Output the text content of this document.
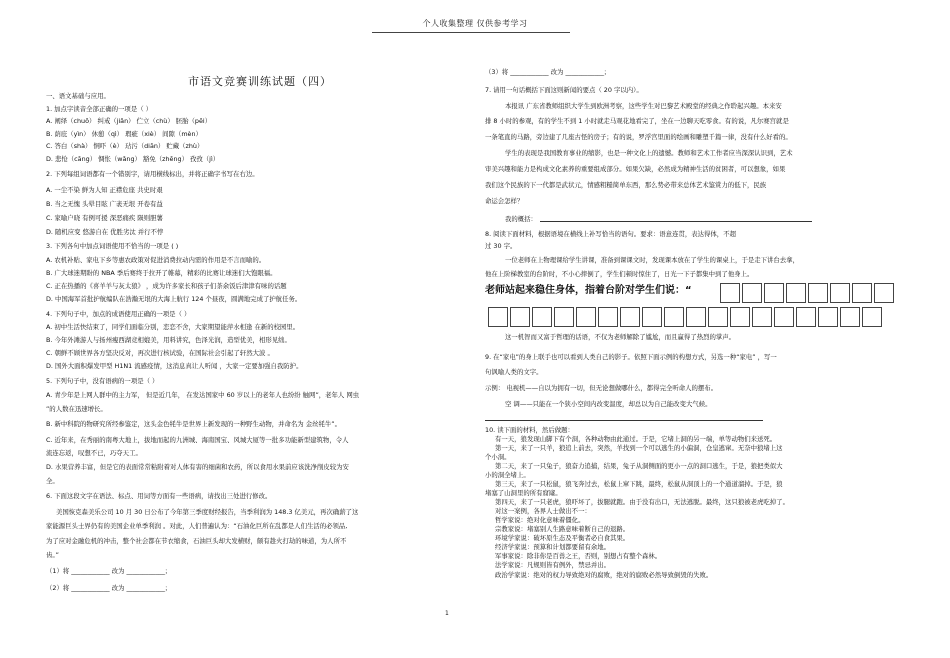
个人收集整理 仅供参考学习
市语文竞赛训练试题（四）
一、语文基础与应用。
1. 加点字读音全部正确的一项是（ ）
A. 阐绎（chuō） 纠戒（jiǎn） 伫立（chù） 胚胎（pēi）
B. 荫庇（yìn） 休憩（qì） 瑕疵（xiè） 间隙（mèn）
C. 答白（shà） 恫吓（è） 玷污（diān） 贮藏（zhù）
D. 悲怆（cāng） 惆怅（wǎng） 豁免（zhēng） 孜孜（jì）
2. 下列每组词语都有一个错别字，请用横线标出，并将正确字书写在右边。
A. 一尘不染 鲜为人知 正襟危座 共史时艰
B. 当之无愧 头晕目眩 广袤无垠 开卷有益
C. 家喻户晓 有例可援 深恶痛疾 陨则胆薯
D. 随机应变 悠游自在 优胜劣汰 并行不悖
3. 下列各句中加点词语使用不恰当的一项是 ( )
A. 农机补贴、家电下乡等惠农政策对促进消费拉动内需的作用是不言而喻的。
B. 广大球迷期盼的 NBA 季后赛终于拉开了帷幕，精彩的比赛让球迷们大饱眼福。
C. 正在热播的《喜羊羊与灰太狼》 ，成为许多家长和孩子们茶余饭后津津有味的话题
D. 中国海军首批护航编队在浩瀚无垠的大海上航行 124 个昼夜，圆满地完成了护航任务。
4. 下列句子中，加点的成语使用正确的一项是（ ）
A. 初中生活快结束了，同学们面临分别，恋恋不舍，大家期望能萍水相逢 在新的校园里。
B. 今年外滩游人与扬州瘦西湖竞相媲美，用料讲究，色泽光润，造型优美，相形见绌。
C. 朝鲜不顾世界各方坚决反对，再次进行核试验，在国际社会引起了轩然大波 。
D. 国外大面积爆发甲型 H1N1 流感疫情，这消息真让人听闻 ，大家一定要加强自我防护。
5. 下列句子中，没有语病的一项是（ ）
A. 青少年是上网人群中的主力军， 但是近几年， 在发达国家中 60 岁以上的老年人也纷纷 触网”，老年人 网虫
”的人数在迅速增长。
B. 新中科院的物研究所经参鉴定，这头金色牦牛是世界上新发现的一种野生动物，并命名为 金丝牦牛”。
C. 近年来，在秀丽的南粤大地上，拔地而起的九洲城、海南国宝、风城大厦等一批多功能新型建筑物，令人
流连忘返，叹想不已，巧夺天工。
D. 水果营养丰富，但是它的表面常常粘附着对人体有害的细菌和农药，所以食用水果前应该洗净削皮较为安
全。
6. 下面这段文字在语法、标点、用词等方面有一些语病，请找出三处进行修改。
美国恢克森美乐公司 10 月 30 日公布了今年第三季度财经报告，当季利润为 148.3 亿美元，再次确薪了这
家能源巨头士界仍有的美国企业单季利润 。对此，人们普遍认为：“石油化巨所在乱都是人们生活的必领品,
为了应对金融危机的冲击，整个社会都在节衣缩食，石油巨头却大发横财，颇有趁火打劫的味道，为人所不
齿。”
（1）将 ____________ 改为 ____________；
（2）将 ____________ 改为 ____________；
（3）将 ____________ 改为 ____________；
7. 请用一句话概括下面这则新闻的要点（ 20 字以内）。
本报讯 广东省教师组织大学生到欧洲考察，这些学生对巴黎艺术殿堂的经典之作聆起兴趣。本来安
排 8 小时的参观，有的学生不到 1 小时就走马观花地看完了，坐在一边聊天吃零食。有的说，凡尔赛宫就是
一条笔直的马路，旁边建了几座古怪的房子；有的说，罗浮宫里面的绘画和雕塑千篇一律，没有什么好看的。
学生的表现是我国教育事业的缩影，也是一种文化上的遗憾。教师和艺术工作者应当深深认识到，艺术
审美兴趣和能力是构成文化素养的重要组成部分。如果欠缺，必然成为精神生活的贫困者，可以想象，如果
我们这个民族的下一代都是武状元，情感粗糙简单东西，那么势必带来总体艺术鉴赏力的低下，民族
命运会怎样？
我的概括：
8. 阅读下面材料，根据语境在横线上补写恰当的语句。要求：语意连贯，表达得体，不超
过 30 字。
一位老师在上物理课给学生讲课，准备到课课文时，发现课本放在了学生的课桌上，于是走下讲台去拿，
他在上阶梯教室的台阶时，不小心摔倒了，学生们顿时惊住了，日光一下子都集中到了他身上。
老师站起来稳住身体，指着台阶对学生们说：“
这一机智而又富于哲理的话语，不仅为老师解除了尴尬，而且赢得了热烈的掌声。
9. 在“家电”的身上联手也可以看到人类自己的影子。依照下面示例的构想方式，另选一种“家电” ，写一
句讽喻人类的文字。
示例： 电视机——自以为拥有一切，但无论想做哪什么，都得完全听命人的摆布。
空 调——只能在一个狭小空间内改变温度，却总以为自己能改变大气候。
10. 读下面的材料，然后做题：
有一天，狼发现山脚下有个洞，各种动物由此通过。于是，它堵上洞的另一端，单等动物们来送死。
第一天，来了一只羊，狼追上前去，突然，羊找到一个可以逃生的小偏洞，仓皇逃窜。无奈中狼堵上这
个小洞。
第二天，来了一只兔子，狼奋力追捕，结果，兔子从洞侧面的更小一点的洞口逃生，于是，狼把类似大
小的洞全堵上。
第三天，来了一只松鼠，狼飞奔过去，松鼠上窜下跳，最终，松鼠从洞顶上的一个通道溜掉。于是，狼
堵塞了山洞里的所有窟窿。
第四天，来了一只老虎，狼吓坏了，拔腿就跑。由于没有出口，无法逃脱。最终，这只狼被老虎吃掉了。
对这一案例，各界人士做出不一：
哲学家说：绝对化意味着僵化。
宗教家说：堵塞别人生路意味着断自己的退路。
环境学家说：破坏原生态及平衡者必自食其果。
经济学家说：预算和计划都要留有余地。
军事家说：除非你是百兽之王，否则，别想占有整个森林。
法学家说：凡规则皆有例外，禁忌并出。
政治学家说：绝对的权力导致绝对的腐败，绝对的腐败必然导致倒毁的失败。
1
